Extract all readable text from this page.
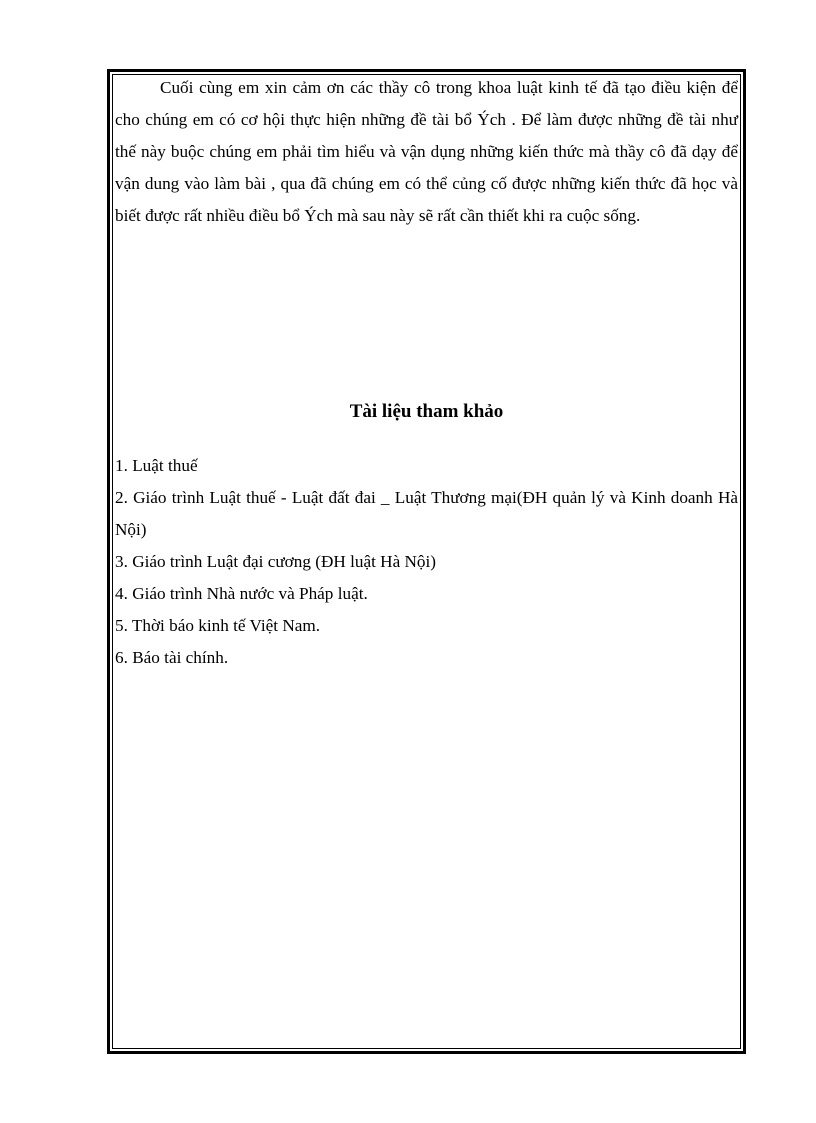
Cuối cùng em xin cảm ơn các thầy cô trong khoa luật kinh tế đã tạo điều kiện để cho chúng em có cơ hội thực hiện những đề tài bổ Ých . Để làm được những đề tài như thế này buộc chúng em phải tìm hiểu và vận dụng những kiến thức mà thầy cô đã dạy để vận dung vào làm bài , qua đã chúng em có thể củng cố được những kiến thức đã học và biết được rất nhiều điều bổ Ých mà sau này sẽ rất cần thiết khi ra cuộc sống.

Tài liệu tham khảo
1. Luật thuế
2. Giáo trình Luật thuế - Luật đất đai _ Luật Thương mại(ĐH quản lý và Kinh doanh Hà Nội)
3. Giáo trình Luật đại cương (ĐH luật Hà Nội)
4. Giáo trình Nhà nước và Pháp luật.
5. Thời báo kinh tế Việt Nam.
6. Báo tài chính.
